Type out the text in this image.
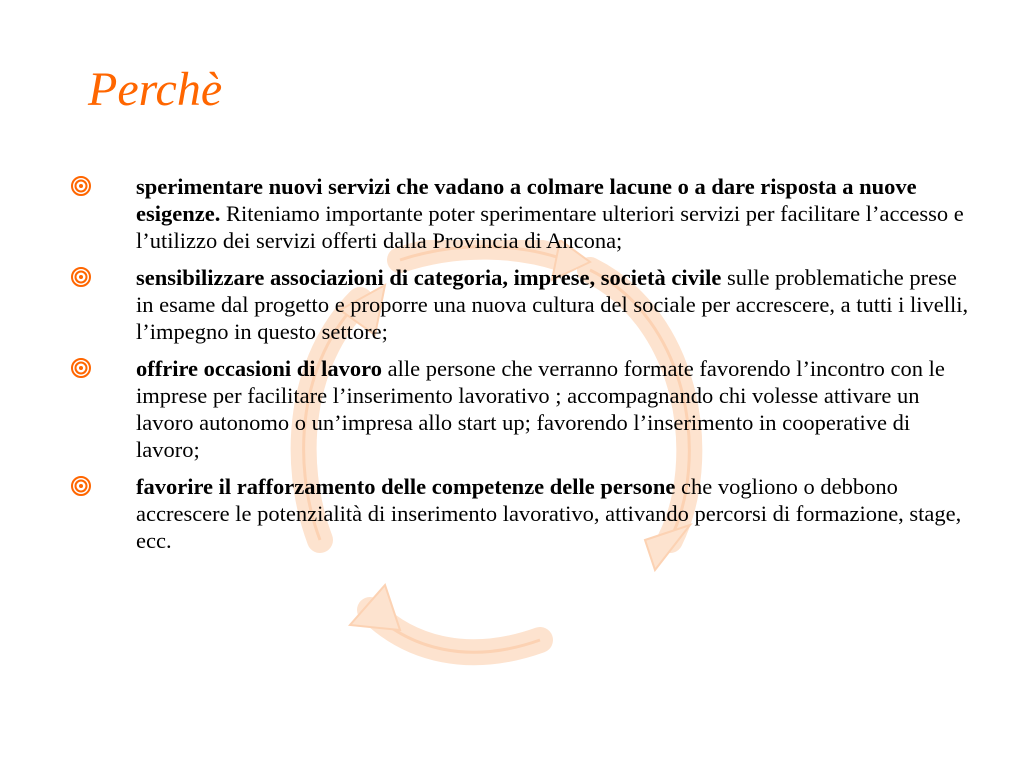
Perchè
sperimentare nuovi servizi che vadano a colmare lacune o a dare risposta a nuove esigenze. Riteniamo importante poter sperimentare ulteriori servizi per facilitare l’accesso e l’utilizzo dei servizi offerti dalla Provincia di Ancona;
sensibilizzare associazioni di categoria, imprese, società civile sulle problematiche prese in esame dal progetto e proporre una nuova cultura del sociale per accrescere, a tutti i livelli, l’impegno in questo settore;
offrire occasioni di lavoro alle persone che verranno formate favorendo l’incontro con le imprese per facilitare l’inserimento lavorativo ; accompagnando chi volesse attivare un lavoro autonomo o un’impresa allo start up; favorendo l’inserimento in cooperative di lavoro;
favorire il rafforzamento delle competenze delle persone che vogliono o debbono accrescere le potenzialità di inserimento lavorativo, attivando percorsi di formazione, stage, ecc.
